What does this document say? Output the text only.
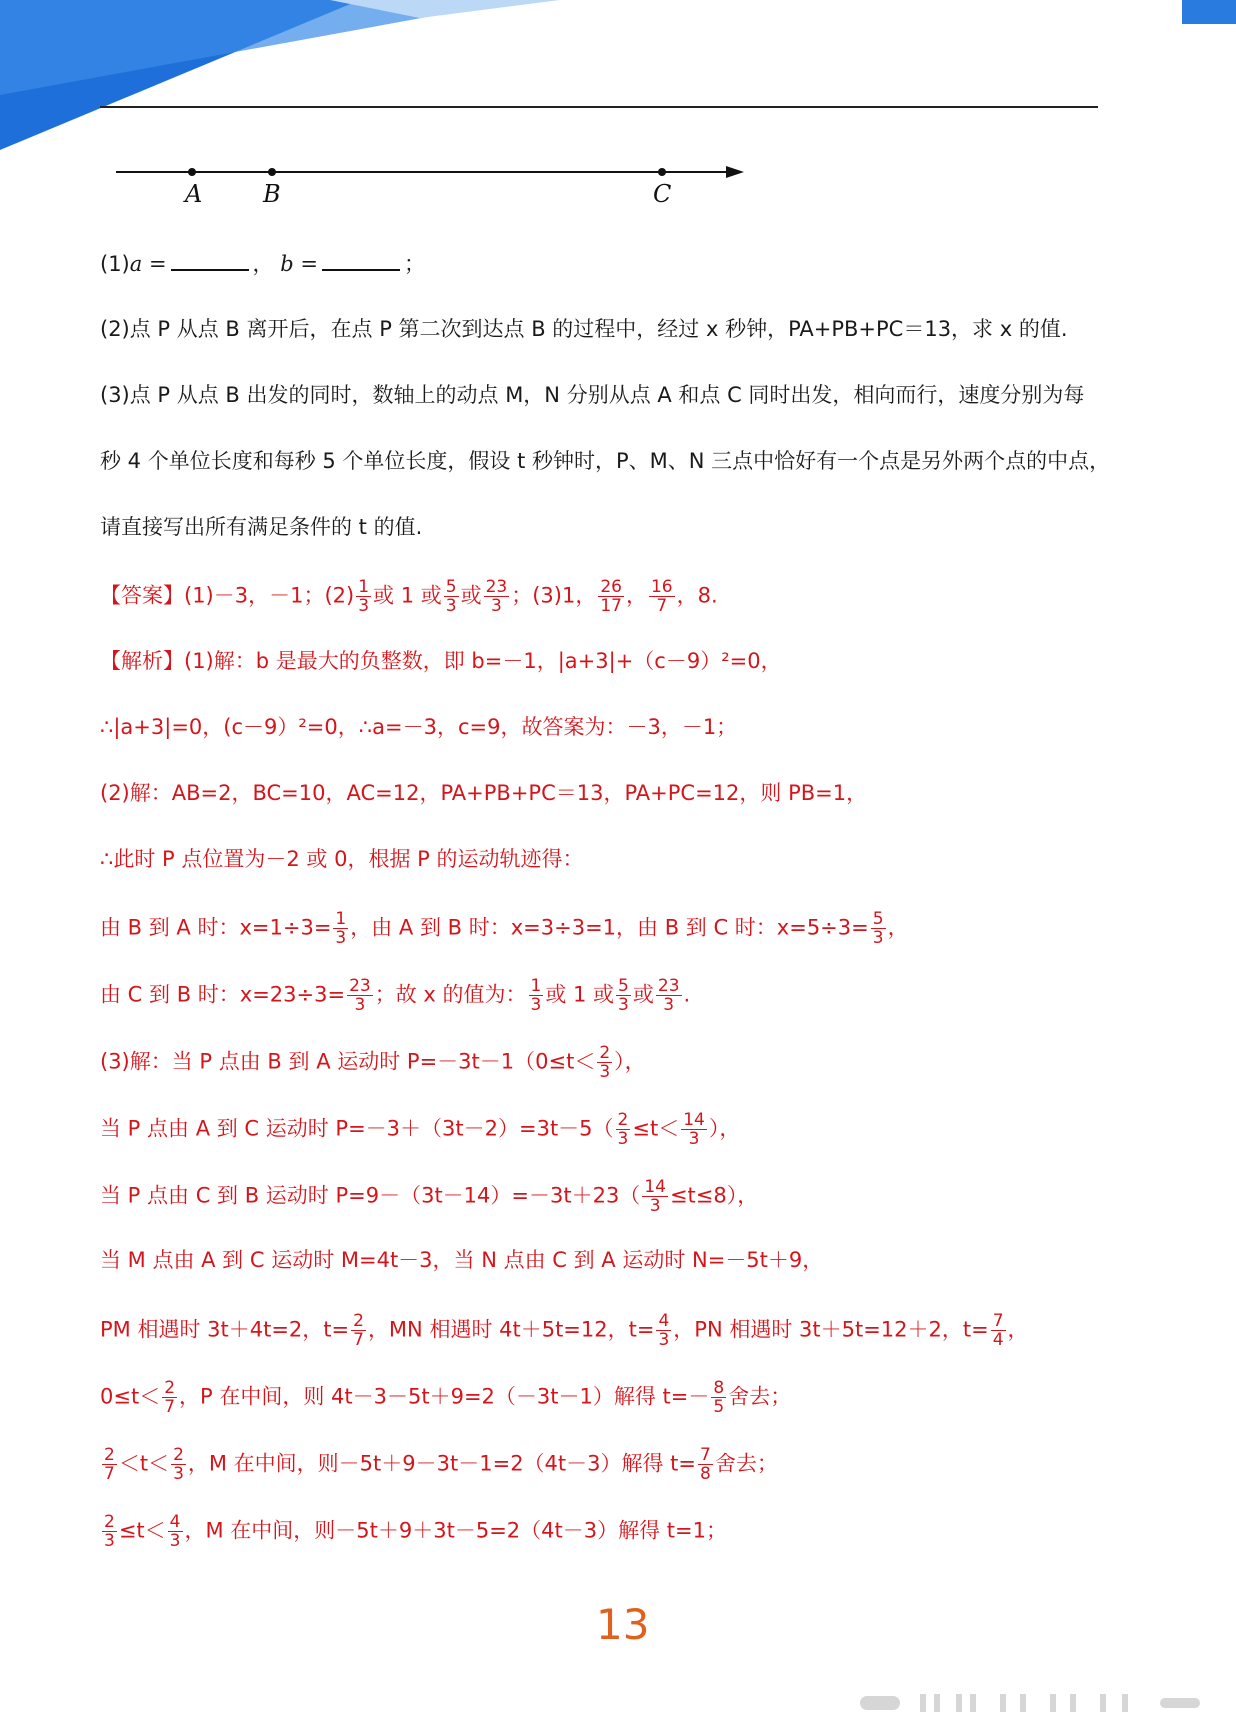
A	B	C
(1)a =	， b =	；
(2)点 P 从点 B 离开后，在点 P 第二次到达点 B 的过程中，经过 x 秒钟，PA+PB+PC＝13，求 x 的值.
(3)点 P 从点 B 出发的同时，数轴上的动点 M，N 分别从点 A 和点 C 同时出发，相向而行，速度分别为每
秒 4 个单位长度和每秒 5 个单位长度，假设 t 秒钟时，P、M、N 三点中恰好有一个点是另外两个点的中点，
请直接写出所有满足条件的 t 的值.
【答案】(1)－3，－1；$(2) \frac{1}{3}$ 或 1 或 $\frac{5}{3}$ 或 $\frac{23}{3}$ ；(3)1， $\frac{26}{17}$ ， $\frac{16}{7}$ ，8.
【解析】(1)解：b 是最大的负整数，即 b=－1，|a+3|+（c－9）²=0，
∴|a+3|=0，(c－9）²=0，∴a=－3，c=9，故答案为：－3，－1；
(2)解：AB=2，BC=10，AC=12，PA+PB+PC＝13，PA+PC=12，则 PB=1，
∴此时 P 点位置为－2 或 0，根据 P 的运动轨迹得：
由 B 到 A 时：$x=1\div 3= \frac{1}{3}$ ，由 A 到 B 时：x=3÷3=1，由 B 到 C 时：$x=5\div 3= \frac{5}{3}$ ，
由 C 到 B 时：$x=23\div 3= \frac{23}{3}$ ；故 x 的值为： $\frac{1}{3}$ 或 1 或 $\frac{5}{3}$ 或 $\frac{23}{3}$ .
(3)解：当 P 点由 B 到 A 运动时 $P=-3t-1(0\le t< \frac{2}{3}$ ），
当 P 点由 A 到 C 运动时 $P=-3+(3t-2)=3t-5( \frac{2}{3} \le t< \frac{14}{3}$ ），
当 P 点由 C 到 B 运动时 $P=9-(3t-14)=-3t+23( \frac{14}{3} \le t\le 8)$，
当 M 点由 A 到 C 运动时 M=4t－3，当 N 点由 C 到 A 运动时 N=－5t＋9，
PM 相遇时 3t＋4t=2，$t= \frac{2}{7}$ ，MN 相遇时 4t＋5t=12，$t= \frac{4}{3}$ ，PN 相遇时 3t＋5t=12＋2，$t= \frac{7}{4}$ ，
$0\le t< \frac{2}{7}$ ，P 在中间，则 4t－3－5t＋9=2（－3t－1）解得 $t=- \frac{8}{5}$ 舍去；
$\frac{2}{7} <t< \frac{2}{3}$ ，M 在中间，则－5t＋9－3t－1=2（4t－3）解得 $t= \frac{7}{8}$ 舍去；
$\frac{2}{3} \le t< \frac{4}{3}$ ，M 在中间，则－5t＋9＋3t－5=2（4t－3）解得 t=1；
13
